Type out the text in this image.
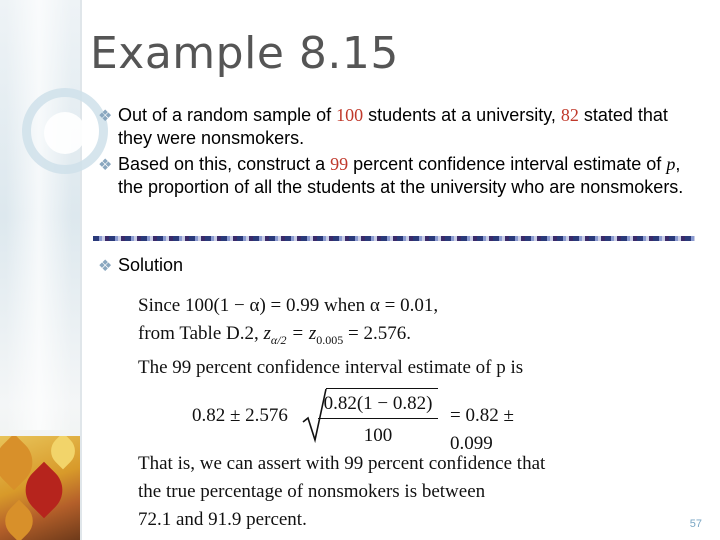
Example 8.15
❖ Out of a random sample of 100 students at a university, 82 stated that they were nonsmokers.
❖ Based on this, construct a 99 percent confidence interval estimate of p, the proportion of all the students at the university who are nonsmokers.
❖ Solution
Since 100(1 − α) = 0.99 when α = 0.01,
from Table D.2, $z_{\alpha/2} = z_{0.005} = 2.576$.
The 99 percent confidence interval estimate of p is
0.82 ± 2.576
0.82(1 − 0.82)
100
= 0.82 ± 0.099
That is, we can assert with 99 percent confidence that
the true percentage of nonsmokers is between
72.1 and 91.9 percent.	57
